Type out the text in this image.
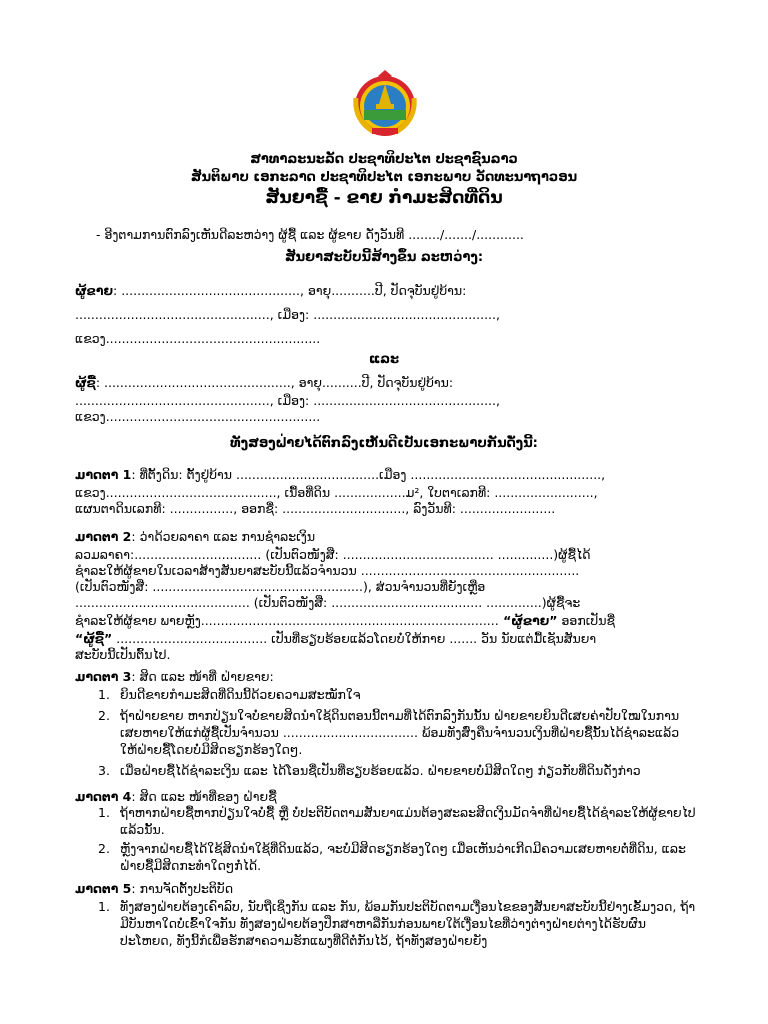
ສາທາລະນະລັດ ປະຊາທິປະໄຕ ປະຊາຊົນລາວ
ສັນຕິພາບ ເອກະລາດ ປະຊາທິປະໄຕ ເອກະພາບ ວັດທະນາຖາວອນ
ສັນຍາຊື້ - ຂາຍ ກຳມະສິດທີ່ດິນ
- ອີງຕາມການຕົກລົງເຫັນດີລະຫວ່າງ ຜູ້ຊື້ ແລະ ຜູ້ຂາຍ ດັ່ງວັນທີ ......../......./............
ສັນຍາສະບັບນີ້ສ້າງຂຶ້ນ ລະຫວ່າງ:
ຜູ້ຂາຍ: ............................................., ອາຍຸ...........ປີ, ປັດຈຸບັນຢູ່ບ້ານ:
................................................., ເມືອງ: ..............................................,
ແຂວງ......................................................
ແລະ
ຜູ້ຊື້: ..............................................., ອາຍຸ..........ປີ, ປັດຈຸບັນຢູ່ບ້ານ:
................................................., ເມືອງ: ..............................................,
ແຂວງ......................................................
ທັງສອງຝ່າຍໄດ້ຕົກລົງເຫັນດີເປັນເອກະພາບກັນດັ່ງນີ້:
ມາດຕາ 1: ທີ່ຕັ້ງດິນ: ຕັ້ງຢູ່ບ້ານ ....................................ເມືອງ ................................................,
ແຂວງ..........................................., ເນື້ອທີ່ດິນ ..................ມ², ໃບຕາເລກທີ: .........................,
ແຜນຕາດິນເລກທີ: ................, ອອກຊື່: ..............................., ລົງວັນທີ: ........................
ມາດຕາ 2: ວ່າດ້ວຍລາຄາ ແລະ ການຊຳລະເງິນ
ລວມລາຄາ:................................ (ເປັນຕົວໜັງສື: ...................................... ..............)ຜູ້ຊື້ໄດ້
ຊຳລະໃຫ້ຜູ້ຂາຍໃນເວລາສ້າງສັນຍາສະບັບນີ້ແລ້ວຈຳນວນ .......................................................
(ເປັນຕົວໜັງສື: .....................................................), ສ່ວນຈຳນວນທີ່ຍັງເຫຼືອ
............................................ (ເປັນຕົວໜັງສື: ...................................... ..............)ຜູ້ຊື້ຈະ
ຊຳລະໃຫ້ຜູ້ຂາຍ ພາຍຫຼັງ........................................................................... “ຜູ້ຂາຍ” ອອກເປັນຊື່
“ຜູ້ຊື້” ...................................... ເປັນທີ່ຮຽບຮ້ອຍແລ້ວໂດຍບໍ່ໃຫ້ກາຍ ....... ວັນ ນັບແຕ່ມື້ເຊັນສັນຍາ
ສະບັບນີ້ເປັນຕົ້ນໄປ.
ມາດຕາ 3: ສິດ ແລະ ໜ້າທີ່ ຝ່າຍຂາຍ:
1. ຍິນດີຂາຍກຳມະສິດທີ່ດິນນີ້ດ້ວຍຄວາມສະໝັກໃຈ
2. ຖ້າຝ່າຍຂາຍ ຫາກປ່ຽນໃຈບໍ່ຂາຍສິດນຳໃຊ້ດິນຕອນນີ້ຕາມທີ່ໄດ້ຕົກລົງກັນນັ້ນ ຝ່າຍຂາຍຍິນດີເສຍຄ່າປັບໃໝໃນການເສຍຫາຍໃຫ້ແກ່ຜູ້ຊື້ເປັນຈຳນວນ .................................. ພ້ອມທັງສົ່ງຄືນຈຳນວນເງິນທີ່ຝ່າຍຊື້ນັ້ນໄດ້ຊຳລະແລ້ວ ໃຫ້ຝ່າຍຊື້ໂດຍບໍ່ມີສິດຮຽກຮ້ອງໃດໆ.
3. ເມື່ອຝ່າຍຊື້ໄດ້ຊຳລະເງິນ ແລະ ໄດ້ໂອນຊື່ເປັນທີ່ຮຽບຮ້ອຍແລ້ວ. ຝ່າຍຂາຍບໍ່ມີສິດໃດໆ ກ່ຽວກັບທີ່ດິນດັ່ງກ່າວ
ມາດຕາ 4: ສິດ ແລະ ໜ້າທີ່ຂອງ ຝ່າຍຊື້
1. ຖ້າຫາກຝ່າຍຊື້ຫາກປ່ຽນໃຈບໍ່ຊື້ ຫຼື ບໍ່ປະຕິບັດຕາມສັນຍາແມ່ນຕ້ອງສະລະສິດເງິນມັດຈຳທີ່ຝ່າຍຊື້ໄດ້ຊຳລະໃຫ້ຜູ້ຂາຍໄປແລ້ວນັ້ນ.
2. ຫຼັງຈາກຝ່າຍຊື້ໄດ້ໃຊ້ສິດນຳໃຊ້ທີ່ດິນແລ້ວ, ຈະບໍ່ມີສິດຮຽກຮ້ອງໃດໆ ເມື່ອເຫັນວ່າເກີດມີຄວາມເສຍຫາຍຕໍ່ທີ່ດິນ, ແລະ ຝ່າຍຊື້ມີສິດກະທຳໃດໆກໍ່ໄດ້.
ມາດຕາ 5: ການຈັດຕັ້ງປະຕິບັດ
1. ທັງສອງຝ່າຍຕ້ອງເຄົາລົບ, ນັບຖືເຊິ່ງກັນ ແລະ ກັນ, ພ້ອມກັນປະຕິບັດຕາມເງື່ອນໄຂຂອງສັນຍາສະບັບນີ້ຢ່າງເຂັ້ມງວດ, ຖ້າມີບັນຫາໃດບໍ່ເຂົ້າໃຈກັນ ທັງສອງຝ່າຍຕ້ອງປຶກສາຫາລືກັນກ່ອນພາຍໃຕ້ເງື່ອນໄຂທີ່ວ່າງຕ່າງຝ່າຍຕ່າງໄດ້ຮັບຜົນປະໂຫຍດ, ທັງນີ້ກໍເພື່ອຮັກສາຄວາມຮັກແພງທີ່ດີຕໍ່ກັນໄວ້, ຖ້າທັງສອງຝ່າຍຍັງ
